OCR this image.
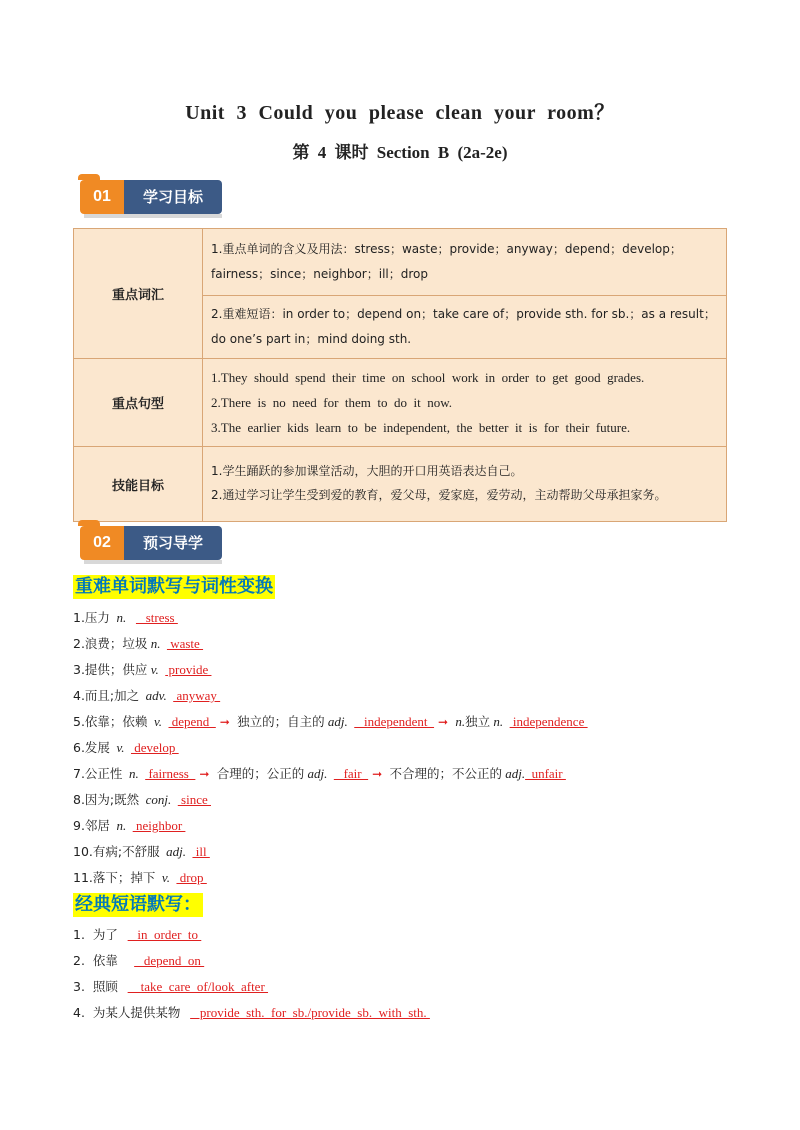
Unit 3 Could you please clean your room？
第 4 课时 Section B (2a-2e)
01	学习目标
重点词汇	1.重点单词的含义及用法：stress；waste；provide；anyway；depend；develop；fairness；since；neighbor；ill；drop
	2.重难短语：in order to；depend on；take care of；provide sth. for sb.；as a result；do one’s part in；mind doing sth.
重点句型	1.They  should  spend  their  time  on  school  work  in  order  to  get  good  grades.
2.There  is  no  need  for  them  to  do  it  now.
3.The  earlier  kids  learn  to  be  independent,  the  better  it  is  for  their  future.

技能目标	1.学生踊跃的参加课堂活动，大胆的开口用英语表达自己。
2.通过学习让学生受到爱的教育，爱父母，爱家庭，爱劳动，主动帮助父母承担家务。
02	预习导学
重难单词默写与词性变换
1.压力 n.      stress
2.浪费；垃圾 n.   waste
3.提供；供应 v.   provide
4.而且;加之 adv.   anyway
5.依靠；依赖 v.   depend  ➞ 独立的；自主的 adj.     independent  ➞ n.独立 n.   independence
6.发展 v.   develop
7.公正性 n.   fairness  ➞ 合理的；公正的 adj.     fair  ➞ 不合理的；不公正的 adj.  unfair
8.因为;既然 conj.   since
9.邻居 n.   neighbor
10.有病;不舒服 adj.   ill
11.落下；掉下 v.   drop
经典短语默写：
1.  为了      in  order  to
2.  依靠        depend  on
3.  照顾       take  care  of/look  after
4.  为某人提供某物      provide  sth.  for  sb./provide  sb.  with  sth.
